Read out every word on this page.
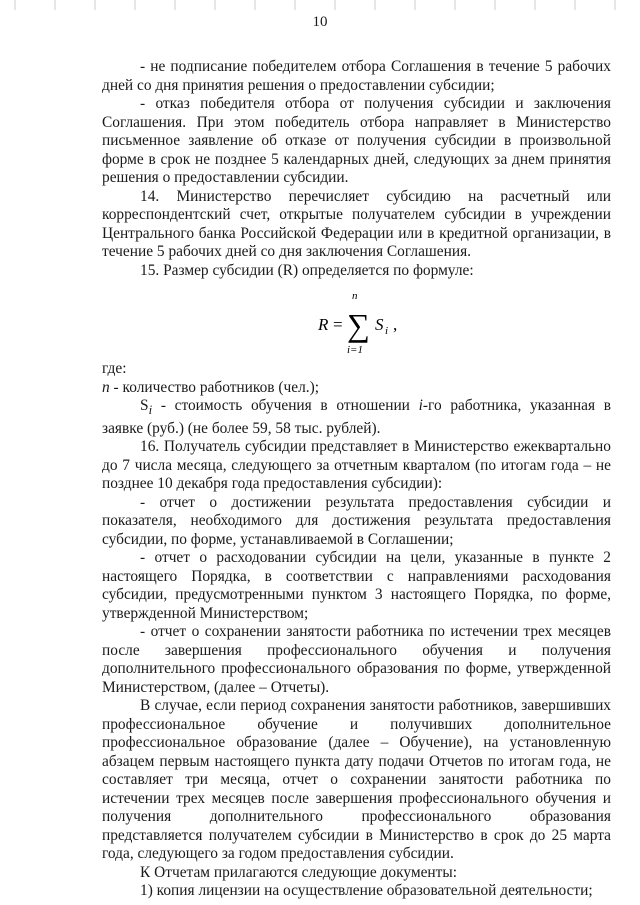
10

- не подписание победителем отбора Соглашения в течение 5 рабочих дней со дня принятия решения о предоставлении субсидии;

- отказ победителя отбора от получения субсидии и заключения Соглашения. При этом победитель отбора направляет в Министерство письменное заявление об отказе от получения субсидии в произвольной форме в срок не позднее 5 календарных дней, следующих за днем принятия решения о предоставлении субсидии.

14. Министерство перечисляет субсидию на расчетный или корреспондентский счет, открытые получателем субсидии в учреждении Центрального банка Российской Федерации или в кредитной организации, в течение 5 рабочих дней со дня заключения Соглашения.

15. Размер субсидии (R) определяется по формуле:

R =
n
∑
i=1
S i ,

где:

n - количество работников (чел.);

$S_i$ - стоимость обучения в отношении i-го работника, указанная в заявке (руб.) (не более 59, 58 тыс. рублей).

16. Получатель субсидии представляет в Министерство ежеквартально до 7 числа месяца, следующего за отчетным кварталом (по итогам года – не позднее 10 декабря года предоставления субсидии):

- отчет о достижении результата предоставления субсидии и показателя, необходимого для достижения результата предоставления субсидии, по форме, устанавливаемой в Соглашении;

- отчет о расходовании субсидии на цели, указанные в пункте 2 настоящего Порядка, в соответствии с направлениями расходования субсидии, предусмотренными пунктом 3 настоящего Порядка, по форме, утвержденной Министерством;

- отчет о сохранении занятости работника по истечении трех месяцев после завершения профессионального обучения и получения дополнительного профессионального образования по форме, утвержденной Министерством, (далее – Отчеты).

В случае, если период сохранения занятости работников, завершивших профессиональное обучение и получивших дополнительное профессиональное образование (далее – Обучение), на установленную абзацем первым настоящего пункта дату подачи Отчетов по итогам года, не составляет три месяца, отчет о сохранении занятости работника по истечении трех месяцев после завершения профессионального обучения и получения дополнительного профессионального образования представляется получателем субсидии в Министерство в срок до 25 марта года, следующего за годом предоставления субсидии.

К Отчетам прилагаются следующие документы:

1) копия лицензии на осуществление образовательной деятельности;
